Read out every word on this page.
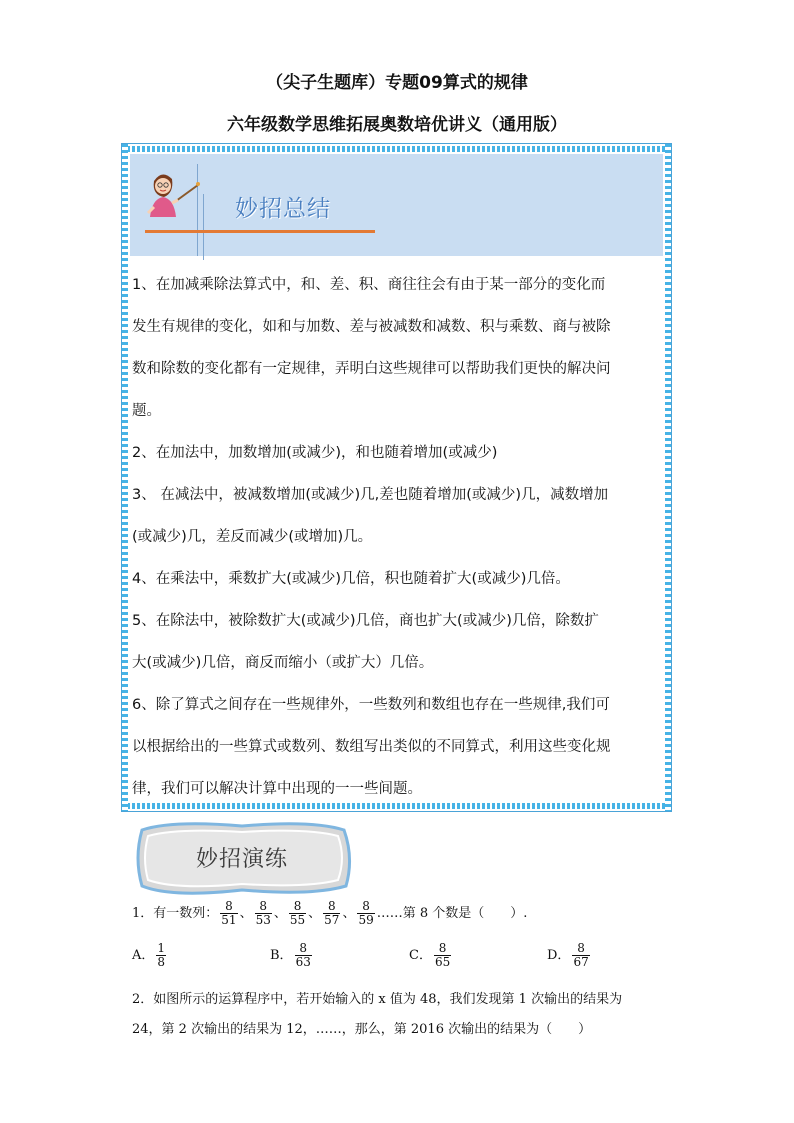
（尖子生题库）专题09算式的规律
六年级数学思维拓展奥数培优讲义（通用版）
妙招总结

1、在加减乘除法算式中，和、差、积、商往往会有由于某一部分的变化而

发生有规律的变化，如和与加数、差与被减数和减数、积与乘数、商与被除

数和除数的变化都有一定规律，弄明白这些规律可以帮助我们更快的解决问

题。

2、在加法中，加数增加(或减少)，和也随着增加(或减少)

3、 在减法中，被减数增加(或减少)几,差也随着增加(或减少)几，减数增加

(或减少)几，差反而减少(或增加)几。

4、在乘法中，乘数扩大(或减少)几倍，积也随着扩大(或减少)几倍。

5、在除法中，被除数扩大(或减少)几倍，商也扩大(或减少)几倍，除数扩

大(或减少)几倍，商反而缩小（或扩大）几倍。

6、除了算式之间存在一些规律外，一些数列和数组也存在一些规律,我们可

以根据给出的一些算式或数列、数组写出类似的不同算式，利用这些变化规

律，我们可以解决计算中出现的一一些间题。

妙招演练
1．有一数列： $\frac{8}{51}$ 、 $\frac{8}{53}$ 、 $\frac{8}{55}$ 、 $\frac{8}{57}$ 、 $\frac{8}{59}$ ……第 8 个数是（　　）.
A． $\frac{1}{8}$	B． $\frac{8}{63}$	C． $\frac{8}{65}$	D． $\frac{8}{67}$
2．如图所示的运算程序中，若开始输入的 x 值为 48，我们发现第 1 次输出的结果为
24，第 2 次输出的结果为 12，……，那么，第 2016 次输出的结果为（　　）
